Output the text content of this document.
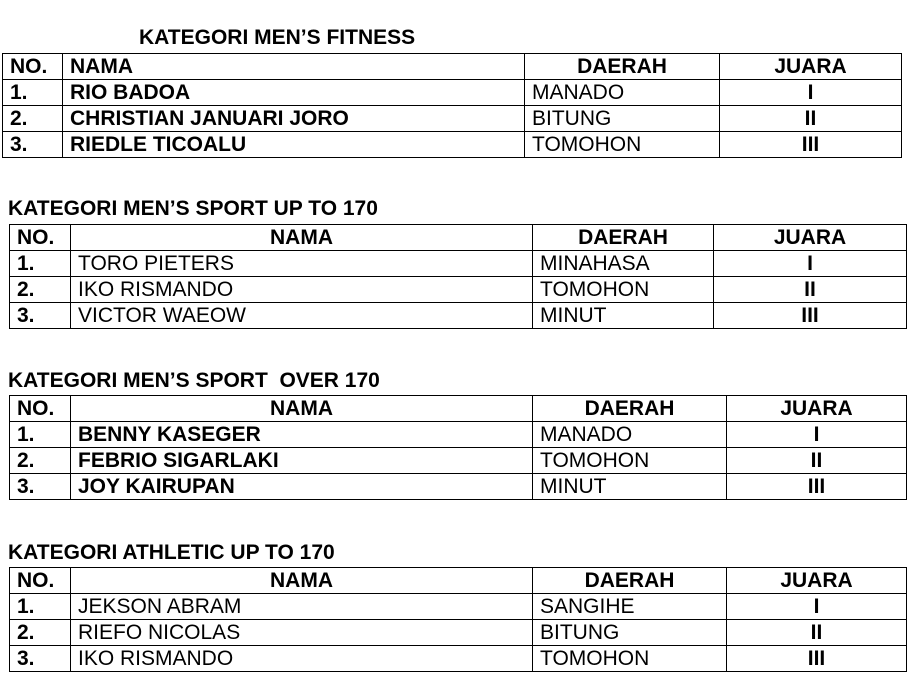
KATEGORI MEN’S FITNESS
NO.	NAMA	DAERAH	JUARA
1.	RIO BADOA	MANADO	I
2.	CHRISTIAN JANUARI JORO	BITUNG	II
3.	RIEDLE TICOALU	TOMOHON	III
KATEGORI MEN’S SPORT UP TO 170
NO.	NAMA	DAERAH	JUARA
1.	TORO PIETERS	MINAHASA	I
2.	IKO RISMANDO	TOMOHON	II
3.	VICTOR WAEOW	MINUT	III
KATEGORI MEN’S SPORT  OVER 170
NO.	NAMA	DAERAH	JUARA
1.	BENNY KASEGER	MANADO	I
2.	FEBRIO SIGARLAKI	TOMOHON	II
3.	JOY KAIRUPAN	MINUT	III
KATEGORI ATHLETIC UP TO 170
NO.	NAMA	DAERAH	JUARA
1.	JEKSON ABRAM	SANGIHE	I
2.	RIEFO NICOLAS	BITUNG	II
3.	IKO RISMANDO	TOMOHON	III
